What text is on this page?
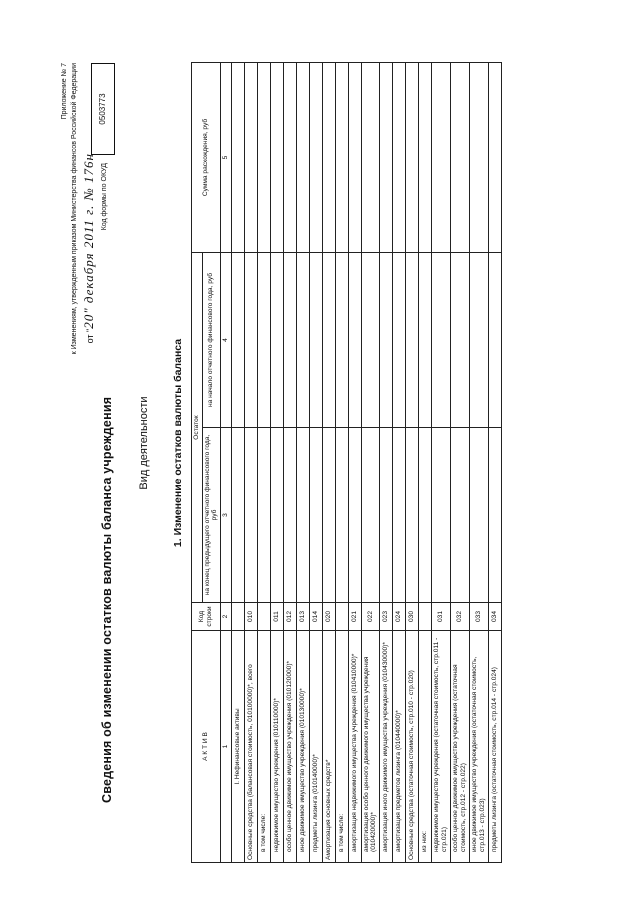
Приложение № 7 к Изменениям, утвержденным приказом Министерства финансов Российской Федерации от "20" декабря 2011 г. № 176н Код формы по ОКУД
0503773
Сведения об изменении остатков валюты баланса учреждения Вид деятельности 1. Изменение остатков валюты баланса
А К Т И В	Код строки	Остаток		Сумма расхождения, руб
		на конец предыдущего отчетного финансового года, руб	на начало отчетного финансового года, руб	
1	2	3	4	5
I. Нефинансовые активы				
Основные средства (балансовая стоимость, 010100000)*, всего	010			
в том числе:				
недвижимое имущество учреждения (010110000)*	011			
особо ценное движимое имущество учреждения (010120000)*	012			
иное движимое имущество учреждения (010130000)*	013			
предметы лизинга (010140000)*	014			
Амортизация основных средств*	020			
в том числе:				
амортизация недвижимого имущества учреждения (010410000)*	021			
амортизация особо ценного движимого имущества учреждения (010420000)*	022			
амортизация иного движимого имущества учреждения (010430000)*	023			
амортизация предметов лизинга (010440000)*	024			
Основные средства (остаточная стоимость, стр.010 - стр.020)	030			
из них:				
недвижимое имущество учреждения (остаточная стоимость, стр.011 - стр.021)	031			
особо ценное движимое имущество учреждения (остаточная стоимость, стр.012 - стр.022)	032			
иное движимое имущество учреждения (остаточная стоимость, стр.013 - стр.023)	033			
предметы лизинга (остаточная стоимость, стр.014 - стр.024)	034			
